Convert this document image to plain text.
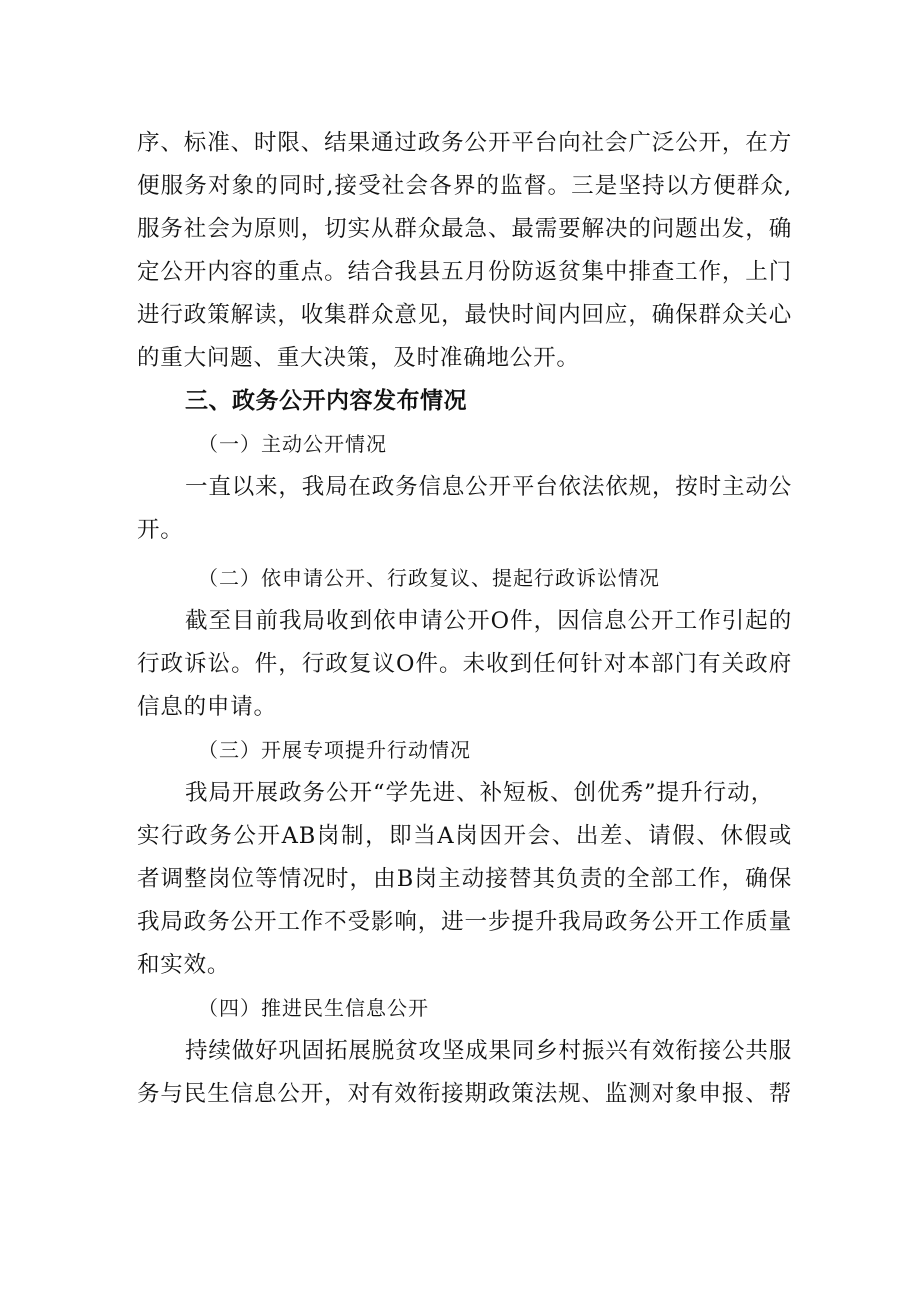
序、标准、时限、结果通过政务公开平台向社会广泛公开，在方
便服务对象的同时,接受社会各界的监督。三是坚持以方便群众,
服务社会为原则，切实从群众最急、最需要解决的问题出发，确
定公开内容的重点。结合我县五月份防返贫集中排查工作，上门
进行政策解读，收集群众意见，最快时间内回应，确保群众关心
的重大问题、重大决策，及时准确地公开。
三、政务公开内容发布情况
（一）主动公开情况
一直以来，我局在政务信息公开平台依法依规，按时主动公
开。
（二）依申请公开、行政复议、提起行政诉讼情况
截至目前我局收到依申请公开O件，因信息公开工作引起的
行政诉讼。件，行政复议O件。未收到任何针对本部门有关政府
信息的申请。
（三）开展专项提升行动情况
我局开展政务公开“学先进、补短板、创优秀”提升行动，
实行政务公开AB岗制，即当A岗因开会、出差、请假、休假或
者调整岗位等情况时，由B岗主动接替其负责的全部工作，确保
我局政务公开工作不受影响，进一步提升我局政务公开工作质量
和实效。
（四）推进民生信息公开
持续做好巩固拓展脱贫攻坚成果同乡村振兴有效衔接公共服
务与民生信息公开，对有效衔接期政策法规、监测对象申报、帮
